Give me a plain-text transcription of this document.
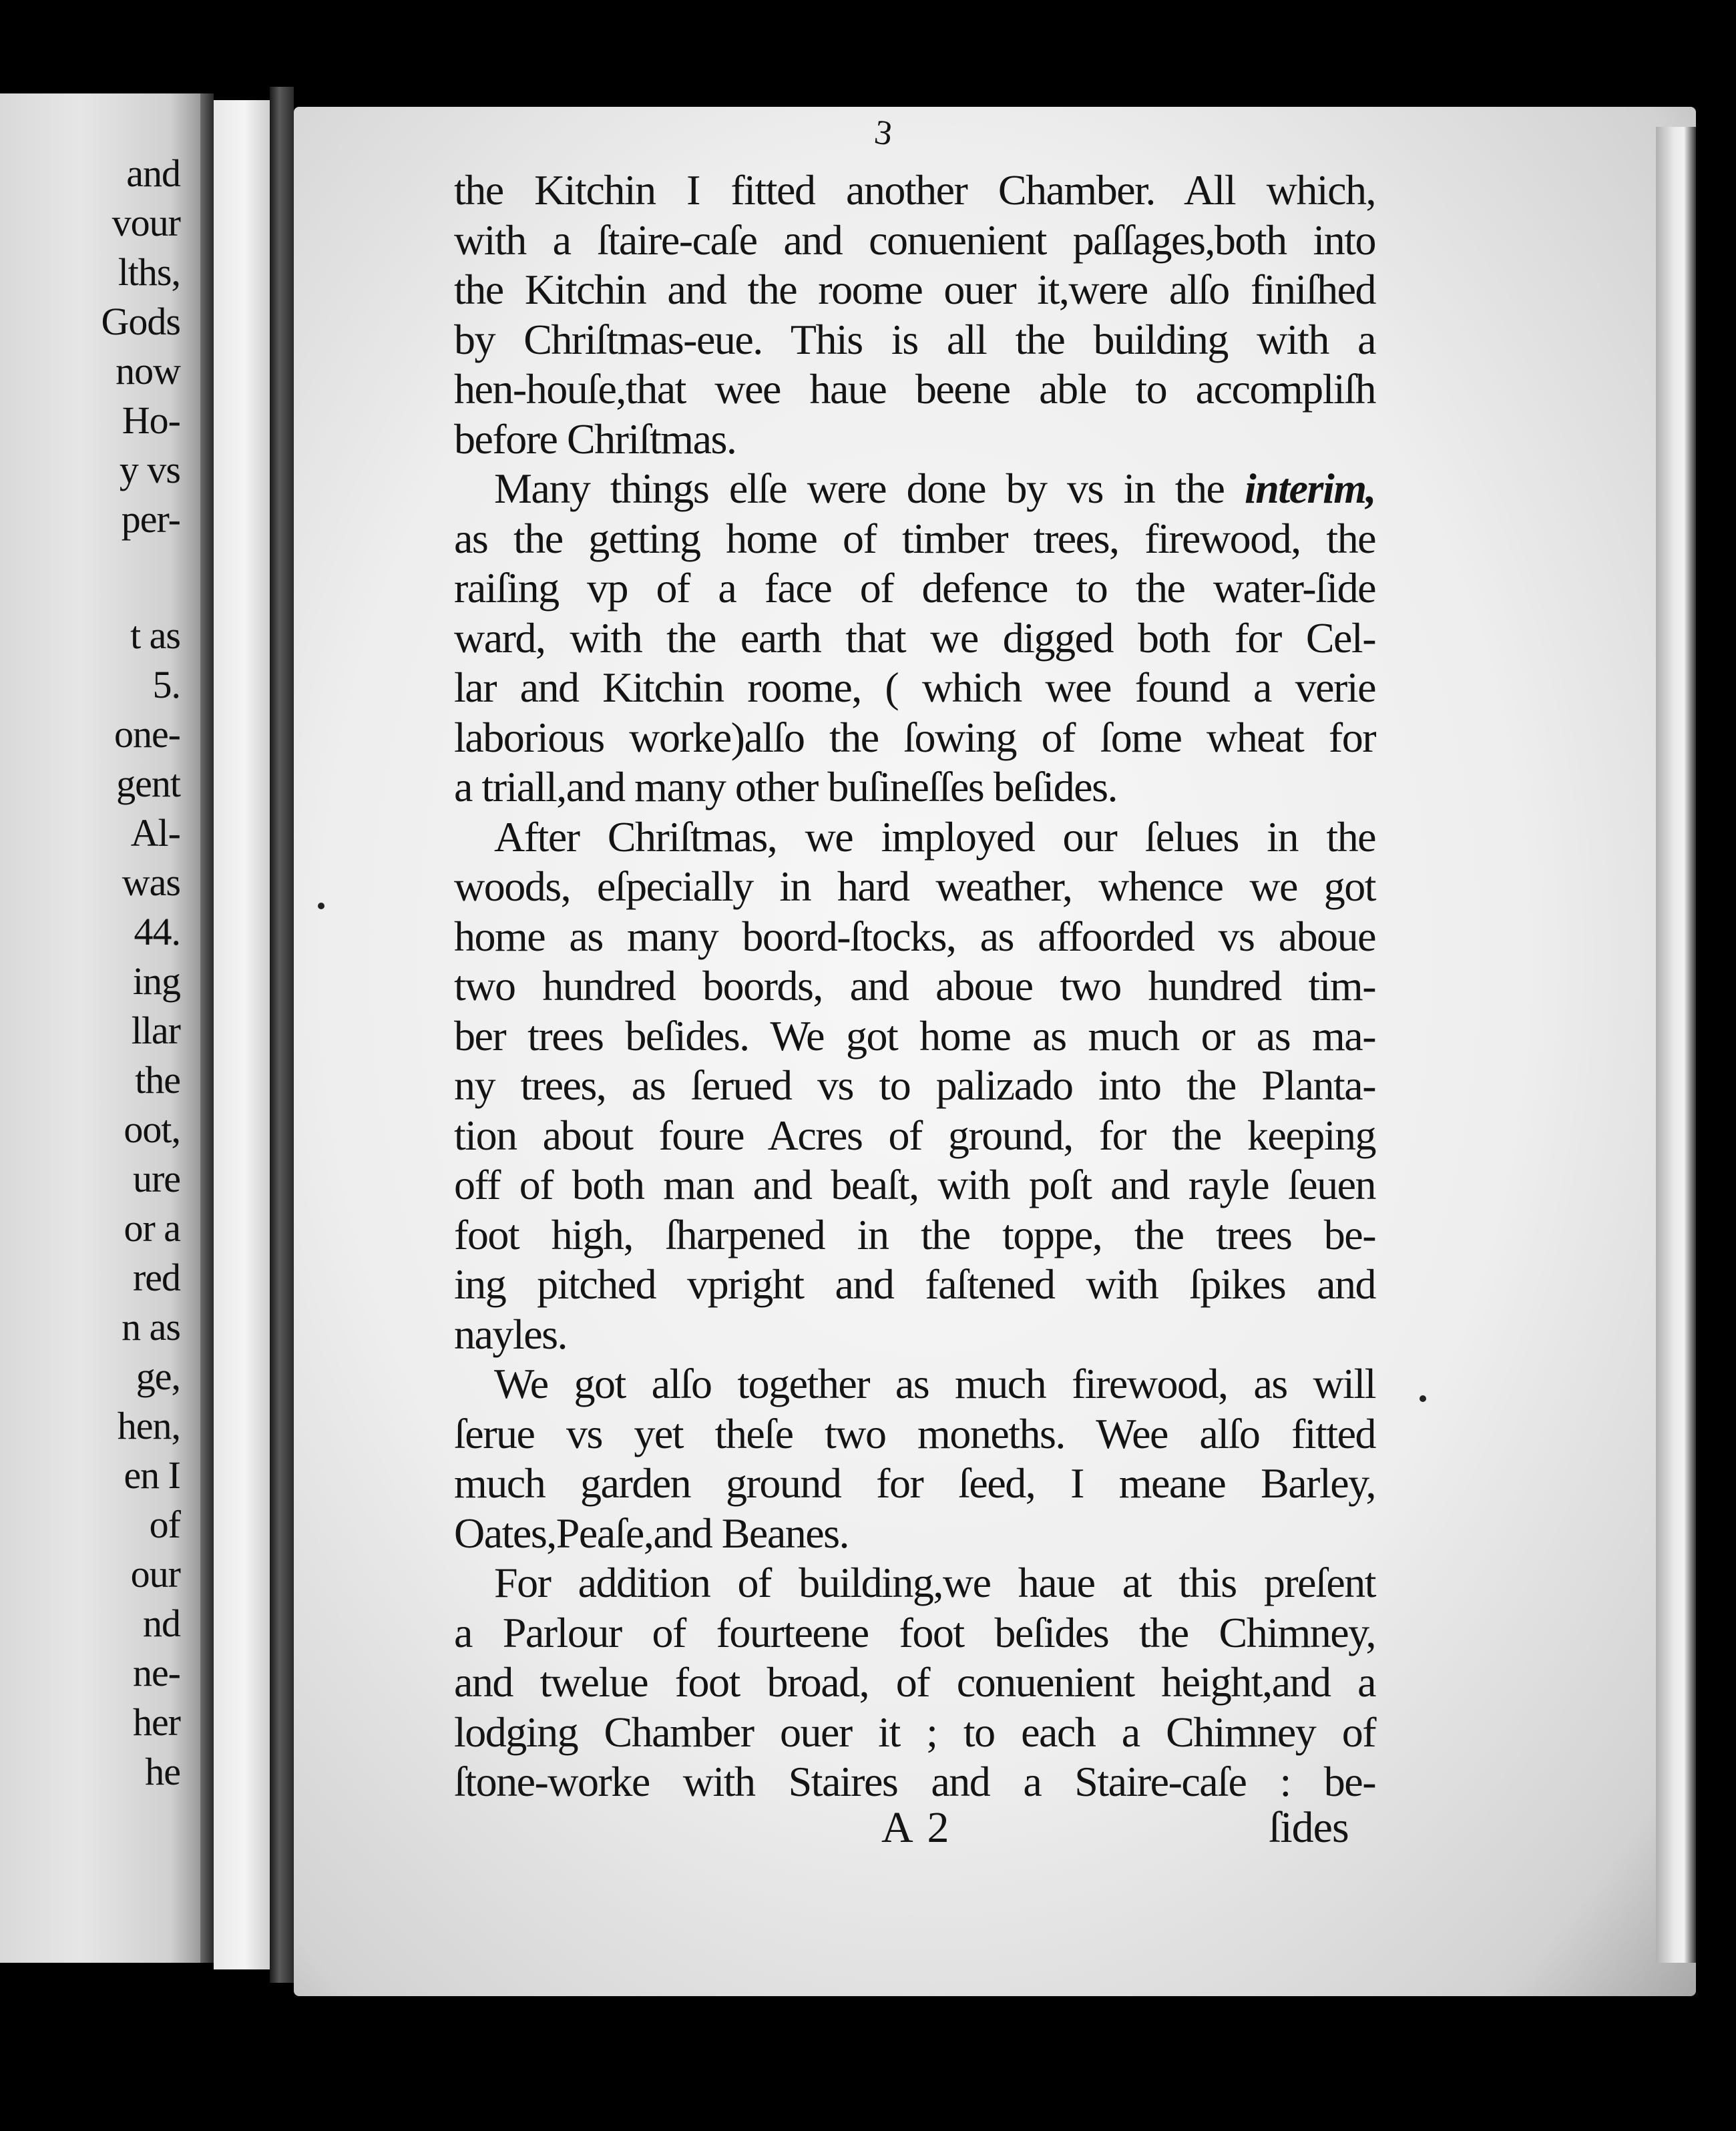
and
vour
lths,
Gods
now
Ho-
y vs
per-
t as
5.
one-
gent
Al-
was
44.
ing
llar
the
oot,
ure
or a
red
n as
ge,
hen,
en I
of
our
nd
ne-
her
he
3
the Kitchin I fitted another Chamber. All which,
with a ſtaire-caſe and conuenient paſſages,both into
the Kitchin and the roome ouer it,were alſo finiſhed
by Chriſtmas-eue. This is all the building with a
hen-houſe,that wee haue beene able to accompliſh
before Chriſtmas.
Many things elſe were done by vs in the interim,
as the getting home of timber trees, firewood, the
raiſing vp of a face of defence to the water-ſide
ward, with the earth that we digged both for Cel-
lar and Kitchin roome, ( which wee found a verie
laborious worke)alſo the ſowing of ſome wheat for
a triall,and many other buſineſſes beſides.
After Chriſtmas, we imployed our ſelues in the
woods, eſpecially in hard weather, whence we got
home as many boord-ſtocks, as affoorded vs aboue
two hundred boords, and aboue two hundred tim-
ber trees beſides. We got home as much or as ma-
ny trees, as ſerued vs to palizado into the Planta-
tion about foure Acres of ground, for the keeping
off of both man and beaſt, with poſt and rayle ſeuen
foot high, ſharpened in the toppe, the trees be-
ing pitched vpright and faſtened with ſpikes and
nayles.
We got alſo together as much firewood, as will
ſerue vs yet theſe two moneths. Wee alſo fitted
much garden ground for ſeed, I meane Barley,
Oates,Peaſe,and Beanes.
For addition of building,we haue at this preſent
a Parlour of fourteene foot beſides the Chimney,
and twelue foot broad, of conuenient height,and a
lodging Chamber ouer it ; to each a Chimney of
ſtone-worke with Staires and a Staire-caſe : be-
A 2	ſides
